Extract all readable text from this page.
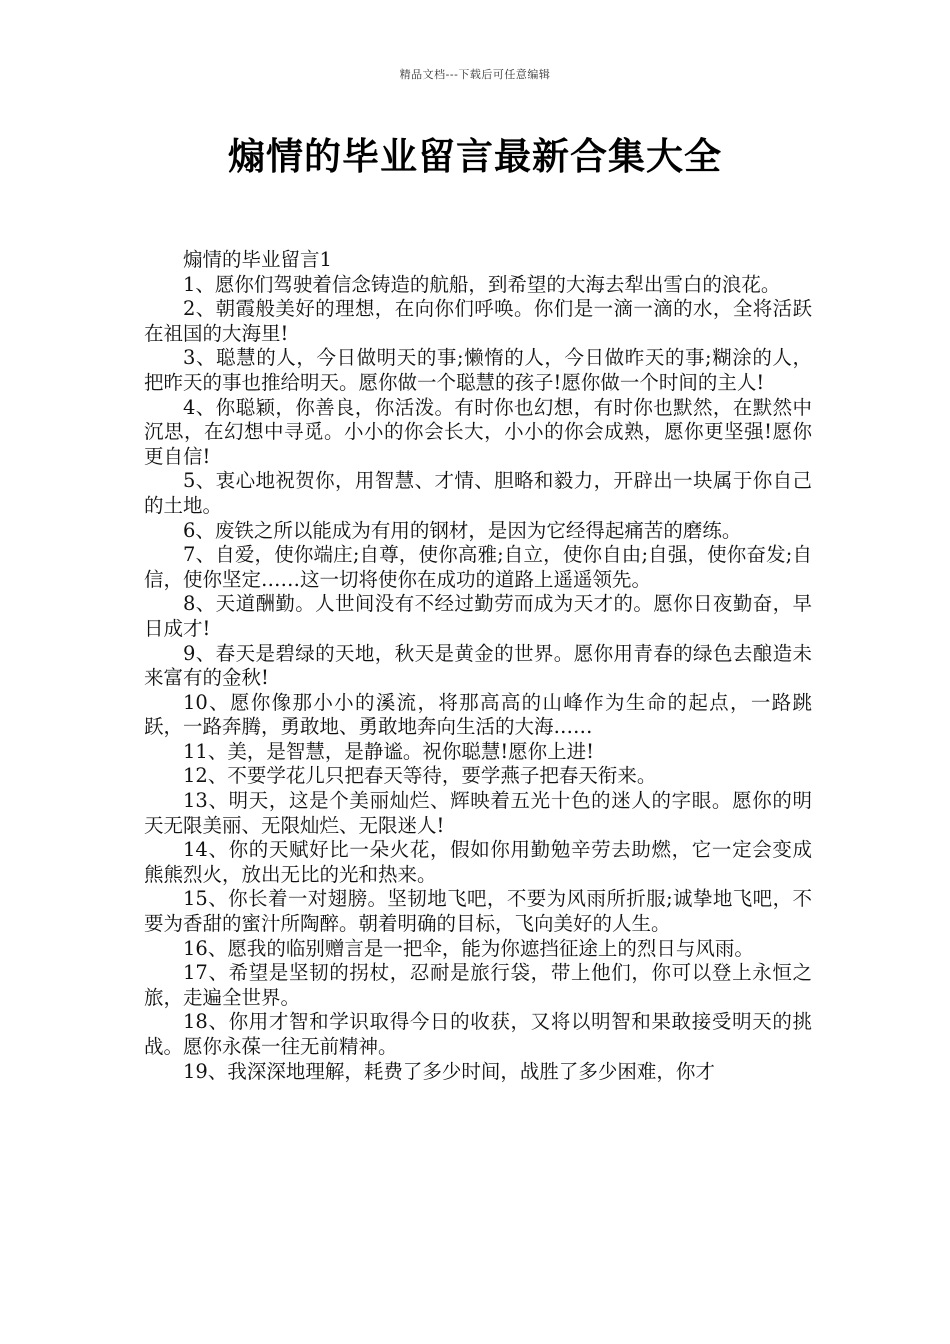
精品文档---下载后可任意编辑
煽情的毕业留言最新合集大全

煽情的毕业留言1

1、愿你们驾驶着信念铸造的航船，到希望的大海去犁出雪白的浪花。

2、朝霞般美好的理想，在向你们呼唤。你们是一滴一滴的水，全将活跃在祖国的大海里!

3、聪慧的人，今日做明天的事;懒惰的人，今日做昨天的事;糊涂的人，把昨天的事也推给明天。愿你做一个聪慧的孩子!愿你做一个时间的主人!

4、你聪颖，你善良，你活泼。有时你也幻想，有时你也默然，在默然中沉思，在幻想中寻觅。小小的你会长大，小小的你会成熟，愿你更坚强!愿你更自信!

5、衷心地祝贺你，用智慧、才情、胆略和毅力，开辟出一块属于你自己的土地。

6、废铁之所以能成为有用的钢材，是因为它经得起痛苦的磨练。

7、自爱，使你端庄;自尊，使你高雅;自立，使你自由;自强，使你奋发;自信，使你坚定……这一切将使你在成功的道路上遥遥领先。

8、天道酬勤。人世间没有不经过勤劳而成为天才的。愿你日夜勤奋，早日成才!

9、春天是碧绿的天地，秋天是黄金的世界。愿你用青春的绿色去酿造未来富有的金秋!

10、愿你像那小小的溪流，将那高高的山峰作为生命的起点，一路跳跃，一路奔腾，勇敢地、勇敢地奔向生活的大海……

11、美，是智慧，是静谧。祝你聪慧!愿你上进!

12、不要学花儿只把春天等待，要学燕子把春天衔来。

13、明天，这是个美丽灿烂、辉映着五光十色的迷人的字眼。愿你的明天无限美丽、无限灿烂、无限迷人!

14、你的天赋好比一朵火花，假如你用勤勉辛劳去助燃，它一定会变成熊熊烈火，放出无比的光和热来。

15、你长着一对翅膀。坚韧地飞吧，不要为风雨所折服;诚挚地飞吧，不要为香甜的蜜汁所陶醉。朝着明确的目标，飞向美好的人生。

16、愿我的临别赠言是一把伞，能为你遮挡征途上的烈日与风雨。

17、希望是坚韧的拐杖，忍耐是旅行袋，带上他们，你可以登上永恒之旅，走遍全世界。

18、你用才智和学识取得今日的收获，又将以明智和果敢接受明天的挑战。愿你永葆一往无前精神。

19、我深深地理解，耗费了多少时间，战胜了多少困难，你才
